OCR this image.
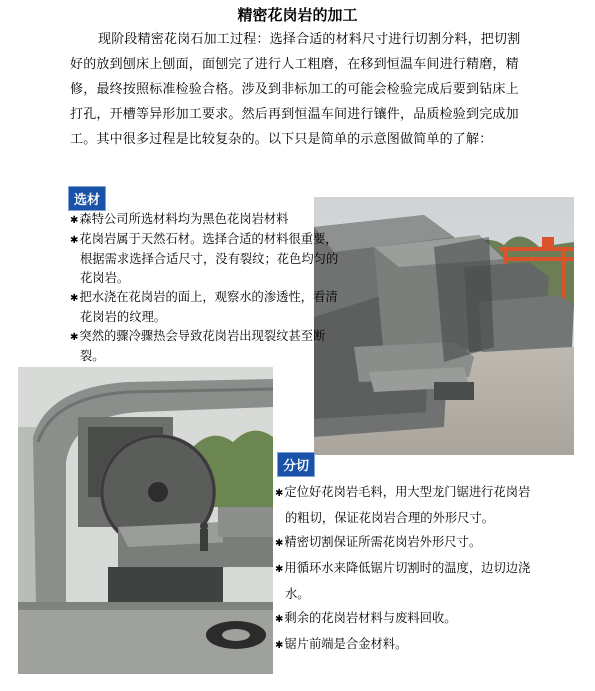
精密花岗岩的加工
现阶段精密花岗石加工过程：选择合适的材料尺寸进行切割分料，把切割好的放到刨床上刨面，面刨完了进行人工粗磨，在移到恒温车间进行精磨，精修，最终按照标准检验合格。涉及到非标加工的可能会检验完成后要到钻床上打孔，开槽等异形加工要求。然后再到恒温车间进行镶件，品质检验到完成加工。其中很多过程是比较复杂的。以下只是简单的示意图做简单的了解：
选材
✱森特公司所选材料均为黑色花岗岩材料
✱花岗岩属于天然石材。选择合适的材料很重要，根据需求选择合适尺寸，没有裂纹；花色均匀的花岗岩。
✱把水浇在花岗岩的面上，观察水的渗透性，看清花岗岩的纹理。
✱突然的骤冷骤热会导致花岗岩出现裂纹甚至断裂。
分切
✱定位好花岗岩毛料，用大型龙门锯进行花岗岩的粗切，保证花岗岩合理的外形尺寸。
✱精密切割保证所需花岗岩外形尺寸。
✱用循环水来降低锯片切割时的温度，边切边浇水。
✱剩余的花岗岩材料与废料回收。
✱锯片前端是合金材料。
